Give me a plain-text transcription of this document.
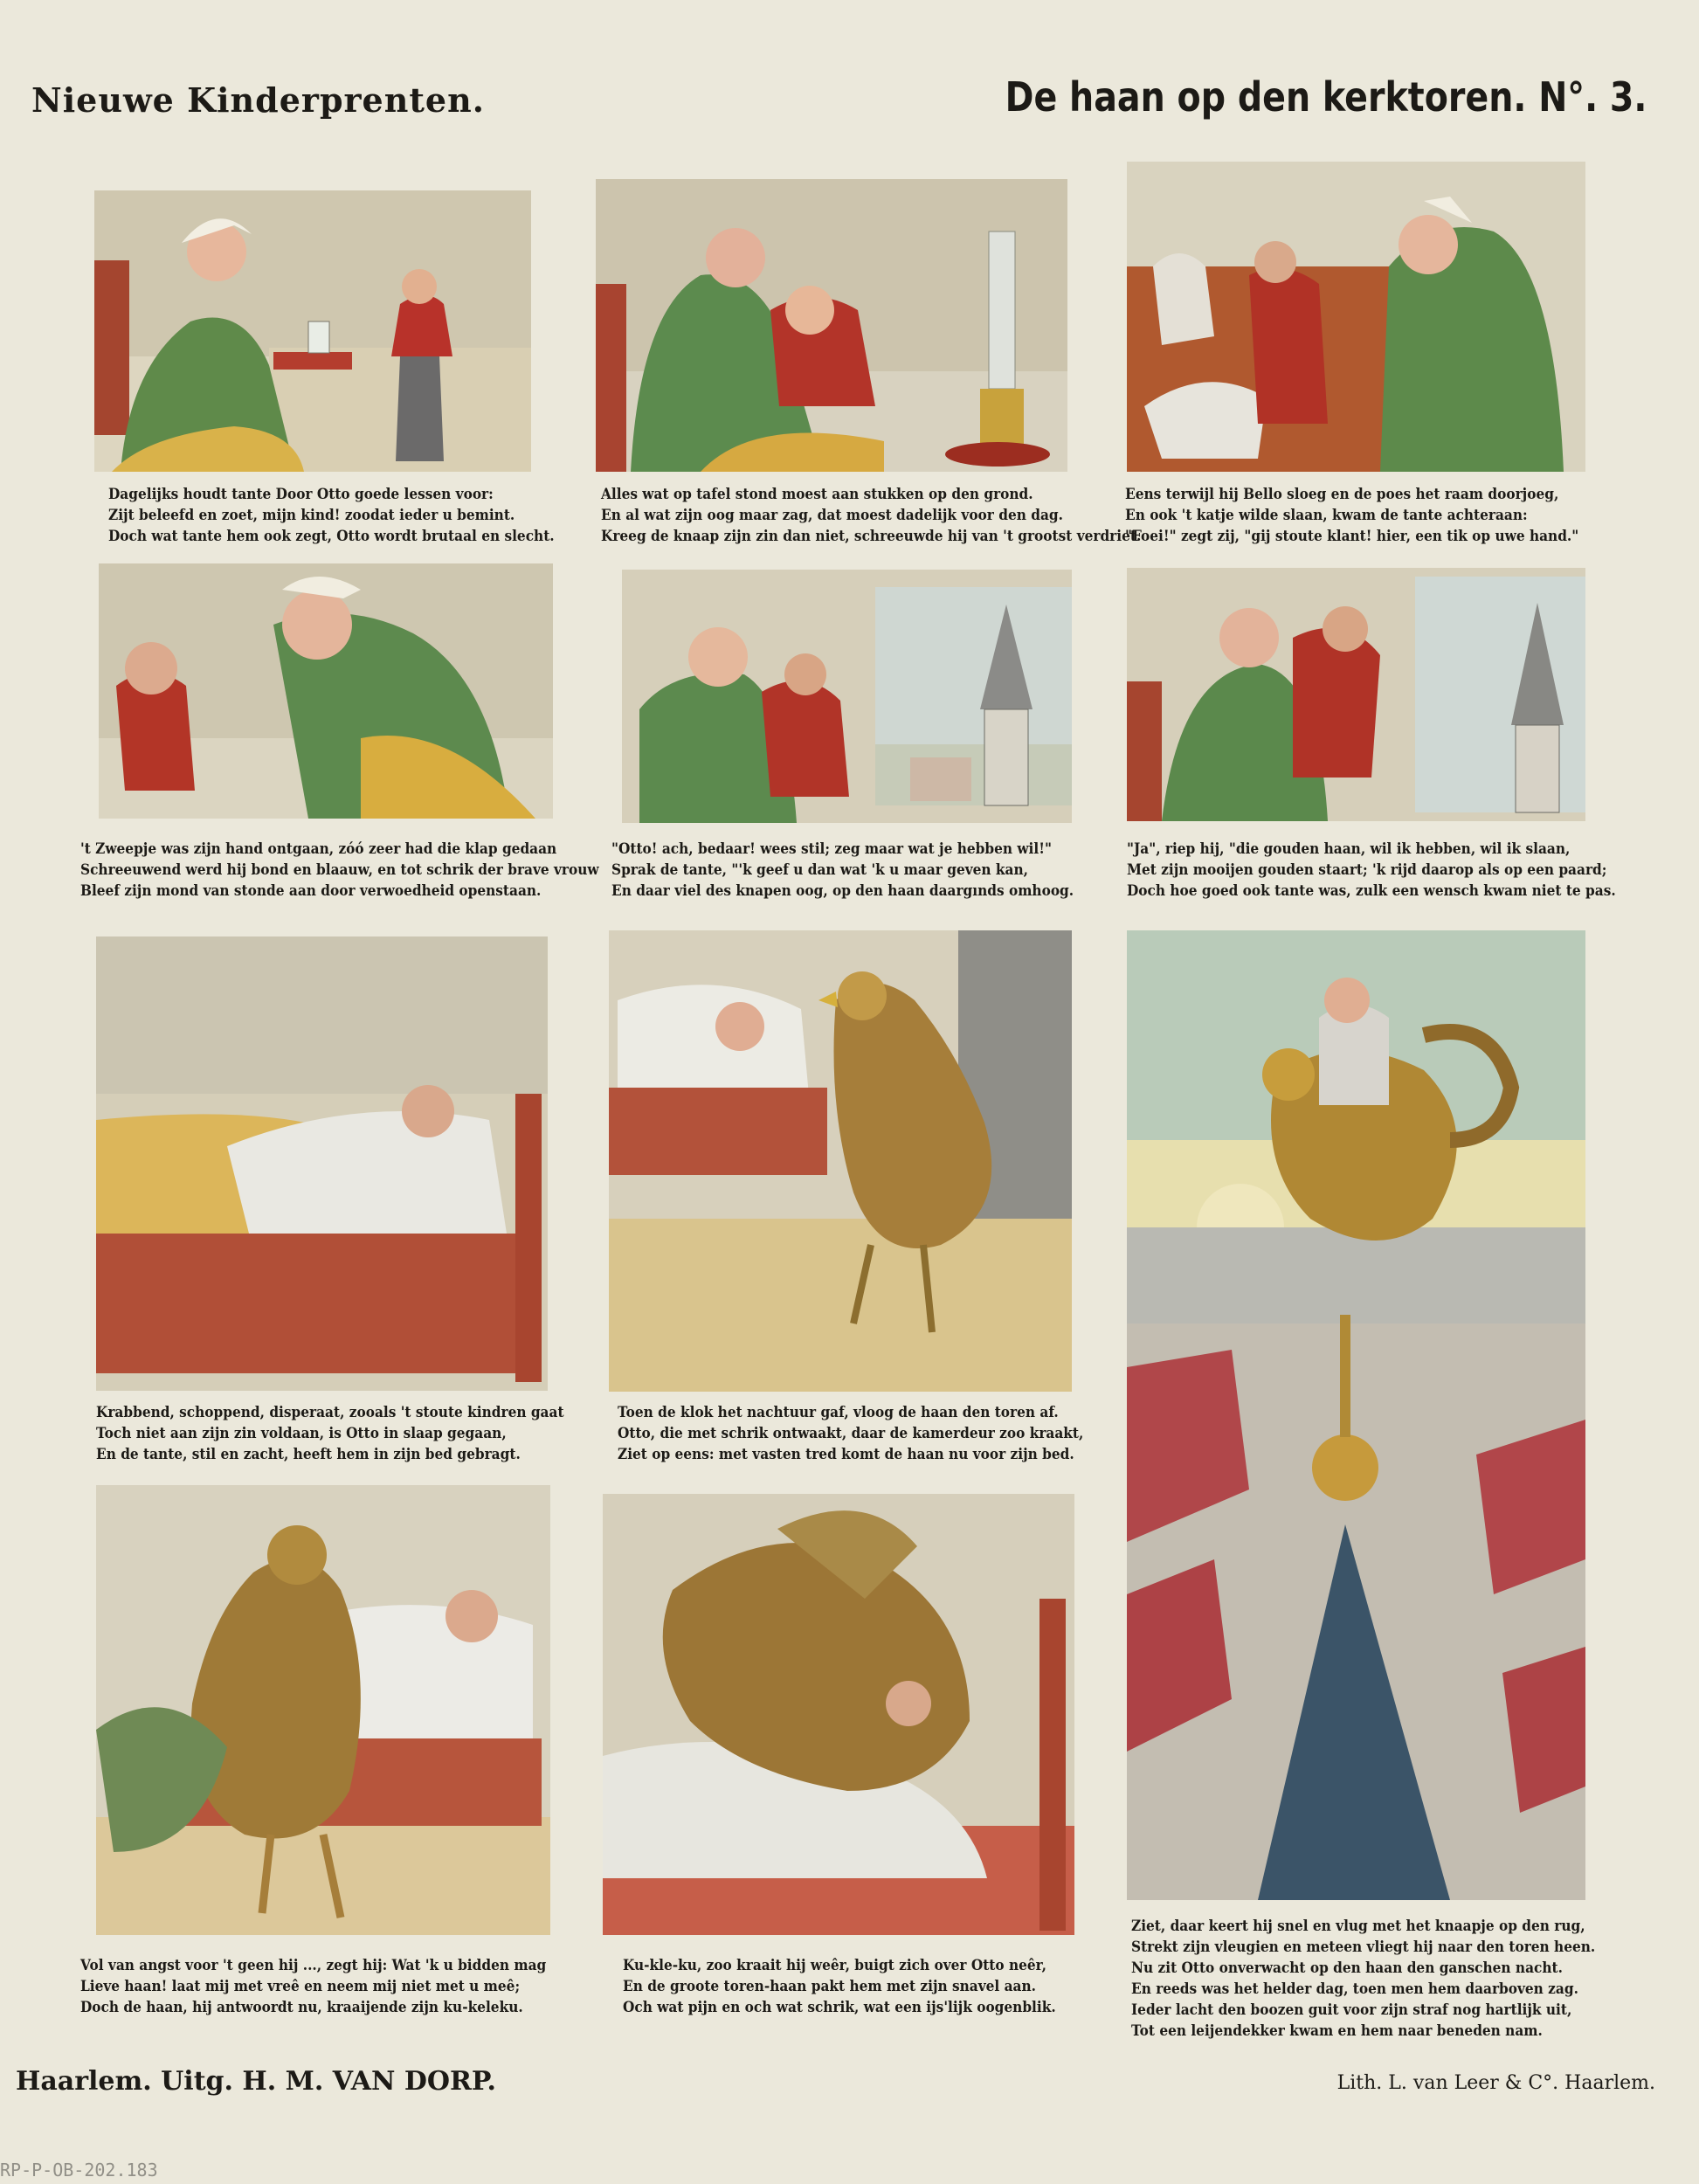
Nieuwe Kinderprenten.	De haan op den kerktoren. N°. 3.
Dagelijks houdt tante Door Otto goede lessen voor:
Zijt beleefd en zoet, mijn kind! zoodat ieder u bemint.
Doch wat tante hem ook zegt, Otto wordt brutaal en slecht.
Alles wat op tafel stond moest aan stukken op den grond.
En al wat zijn oog maar zag, dat moest dadelijk voor den dag.
Kreeg de knaap zijn zin dan niet, schreeuwde hij van 't grootst verdriet.
Eens terwijl hij Bello sloeg en de poes het raam doorjoeg,
En ook 't katje wilde slaan, kwam de tante achteraan:
"Foei!" zegt zij, "gij stoute klant! hier, een tik op uwe hand."
't Zweepje was zijn hand ontgaan, zóó zeer had die klap gedaan
Schreeuwend werd hij bond en blaauw, en tot schrik der brave vrouw
Bleef zijn mond van stonde aan door verwoedheid openstaan.
"Otto! ach, bedaar! wees stil; zeg maar wat je hebben wil!"
Sprak de tante, "'k geef u dan wat 'k u maar geven kan,
En daar viel des knapen oog, op den haan daargınds omhoog.
"Ja", riep hij, "die gouden haan, wil ik hebben, wil ik slaan,
Met zijn mooijen gouden staart; 'k rijd daarop als op een paard;
Doch hoe goed ook tante was, zulk een wensch kwam niet te pas.
Krabbend, schoppend, disperaat, zooals 't stoute kindren gaat
Toch niet aan zijn zin voldaan, is Otto in slaap gegaan,
En de tante, stil en zacht, heeft hem in zijn bed gebragt.
Toen de klok het nachtuur gaf, vloog de haan den toren af.
Otto, die met schrik ontwaakt, daar de kamerdeur zoo kraakt,
Ziet op eens: met vasten tred komt de haan nu voor zijn bed.
Ziet, daar keert hij snel en vlug met het knaapje op den rug,
Strekt zijn vleugien en meteen vliegt hij naar den toren heen.
Nu zit Otto onverwacht op den haan den ganschen nacht.
En reeds was het helder dag, toen men hem daarboven zag.
Ieder lacht den boozen guit voor zijn straf nog hartlijk uit,
Tot een leijendekker kwam en hem naar beneden nam.
Vol van angst voor 't geen hij ..., zegt hij: Wat 'k u bidden mag
Lieve haan! laat mij met vreê en neem mij niet met u meê;
Doch de haan, hij antwoordt nu, kraaijende zijn ku-keleku.
Ku-kle-ku, zoo kraait hij weêr, buigt zich over Otto neêr,
En de groote toren-haan pakt hem met zijn snavel aan.
Och wat pijn en och wat schrik, wat een ijs'lijk oogenblik.
Haarlem. Uitg. H. M. VAN DORP.	Lith. L. van Leer & C°. Haarlem.
RP-P-OB-202.183
